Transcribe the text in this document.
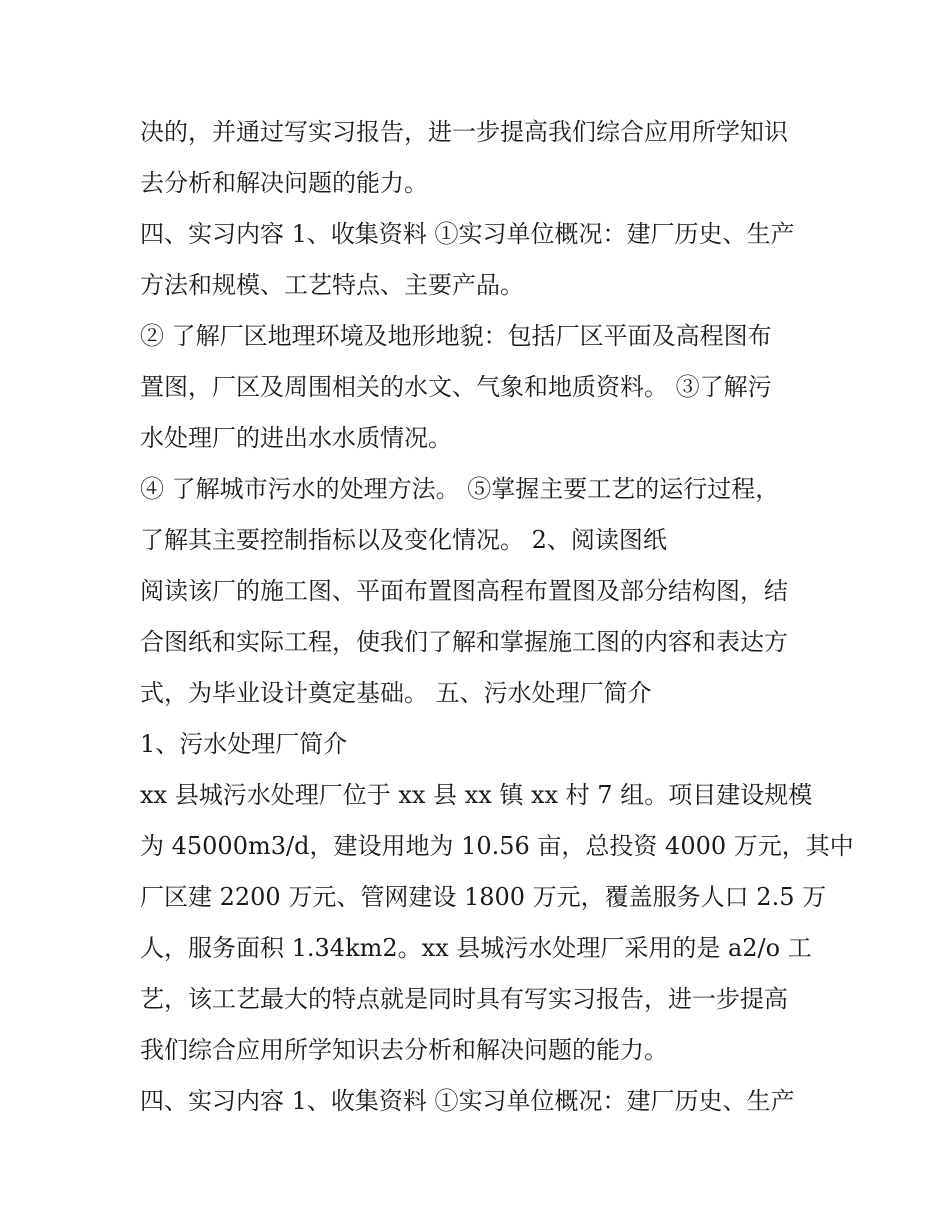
决的，并通过写实习报告，进一步提高我们综合应用所学知识
去分析和解决问题的能力。
四、实习内容 1、收集资料 ①实习单位概况：建厂历史、生产
方法和规模、工艺特点、主要产品。
② 了解厂区地理环境及地形地貌：包括厂区平面及高程图布
置图，厂区及周围相关的水文、气象和地质资料。 ③了解污
水处理厂的进出水水质情况。
④ 了解城市污水的处理方法。 ⑤掌握主要工艺的运行过程，
了解其主要控制指标以及变化情况。 2、阅读图纸
阅读该厂的施工图、平面布置图高程布置图及部分结构图，结
合图纸和实际工程，使我们了解和掌握施工图的内容和表达方
式，为毕业设计奠定基础。 五、污水处理厂简介
1、污水处理厂简介
xx 县城污水处理厂位于 xx 县 xx 镇 xx 村 7 组。项目建设规模
为 45000m3/d，建设用地为 10.56 亩，总投资 4000 万元，其中
厂区建 2200 万元、管网建设 1800 万元，覆盖服务人口 2.5 万
人，服务面积 1.34km2。xx 县城污水处理厂采用的是 a2/o 工
艺，该工艺最大的特点就是同时具有写实习报告，进一步提高
我们综合应用所学知识去分析和解决问题的能力。
四、实习内容 1、收集资料 ①实习单位概况：建厂历史、生产
